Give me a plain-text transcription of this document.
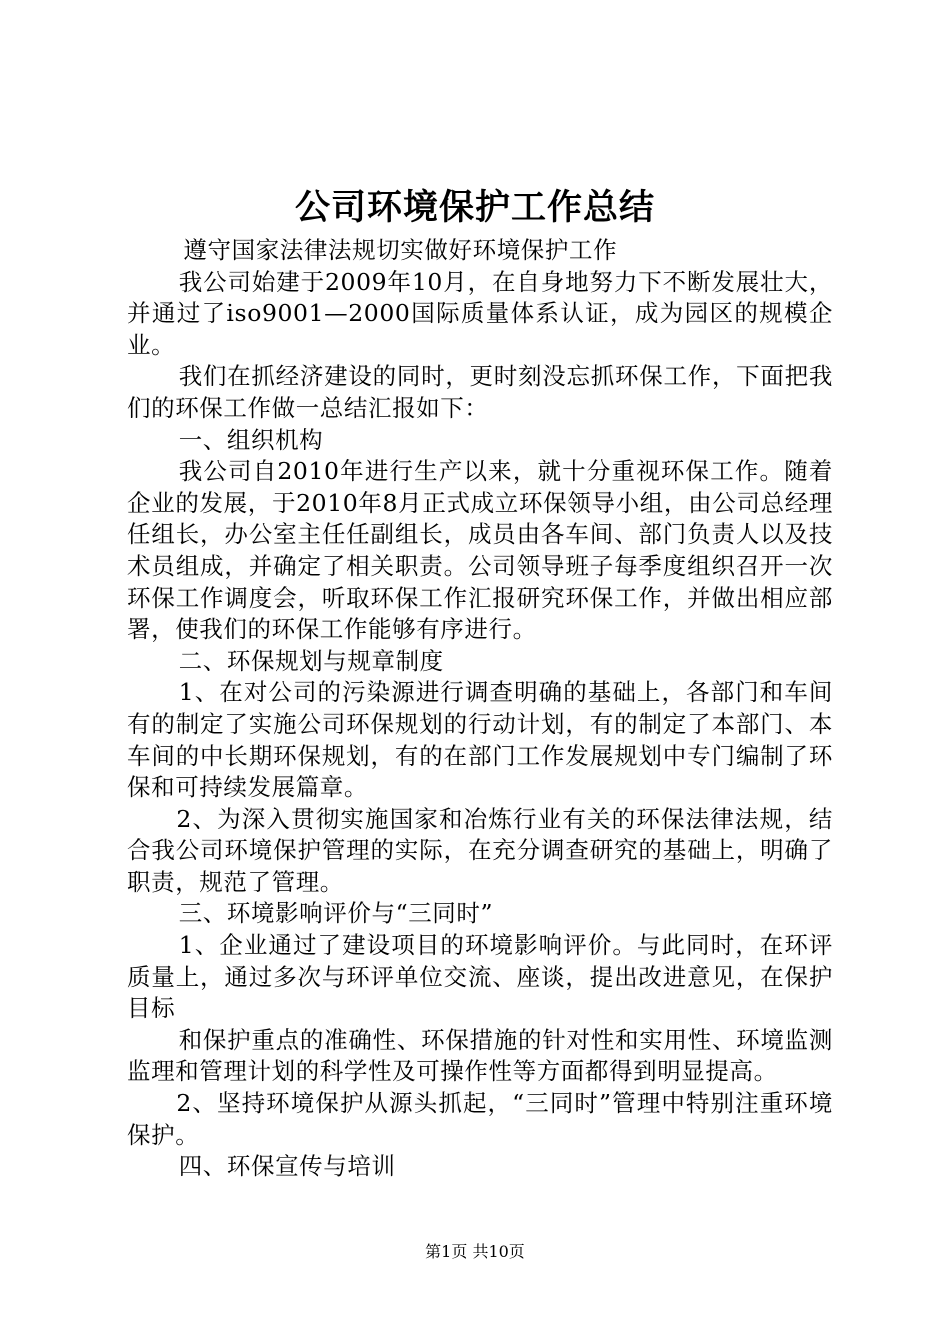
公司环境保护工作总结

遵守国家法律法规切实做好环境保护工作

我公司始建于2009年10月，在自身地努力下不断发展壮大，并通过了iso9001—2000国际质量体系认证，成为园区的规模企业。

我们在抓经济建设的同时，更时刻没忘抓环保工作，下面把我们的环保工作做一总结汇报如下：

一、组织机构

我公司自2010年进行生产以来，就十分重视环保工作。随着企业的发展，于2010年8月正式成立环保领导小组，由公司总经理任组长，办公室主任任副组长，成员由各车间、部门负责人以及技术员组成，并确定了相关职责。公司领导班子每季度组织召开一次环保工作调度会，听取环保工作汇报研究环保工作，并做出相应部署，使我们的环保工作能够有序进行。

二、环保规划与规章制度

1、在对公司的污染源进行调查明确的基础上，各部门和车间有的制定了实施公司环保规划的行动计划，有的制定了本部门、本车间的中长期环保规划，有的在部门工作发展规划中专门编制了环保和可持续发展篇章。

2、为深入贯彻实施国家和冶炼行业有关的环保法律法规，结合我公司环境保护管理的实际，在充分调查研究的基础上，明确了职责，规范了管理。

三、环境影响评价与“三同时”

1、企业通过了建设项目的环境影响评价。与此同时，在环评质量上，通过多次与环评单位交流、座谈，提出改进意见，在保护目标

和保护重点的准确性、环保措施的针对性和实用性、环境监测监理和管理计划的科学性及可操作性等方面都得到明显提高。

2、坚持环境保护从源头抓起，“三同时”管理中特别注重环境保护。

四、环保宣传与培训

第1页 共10页
